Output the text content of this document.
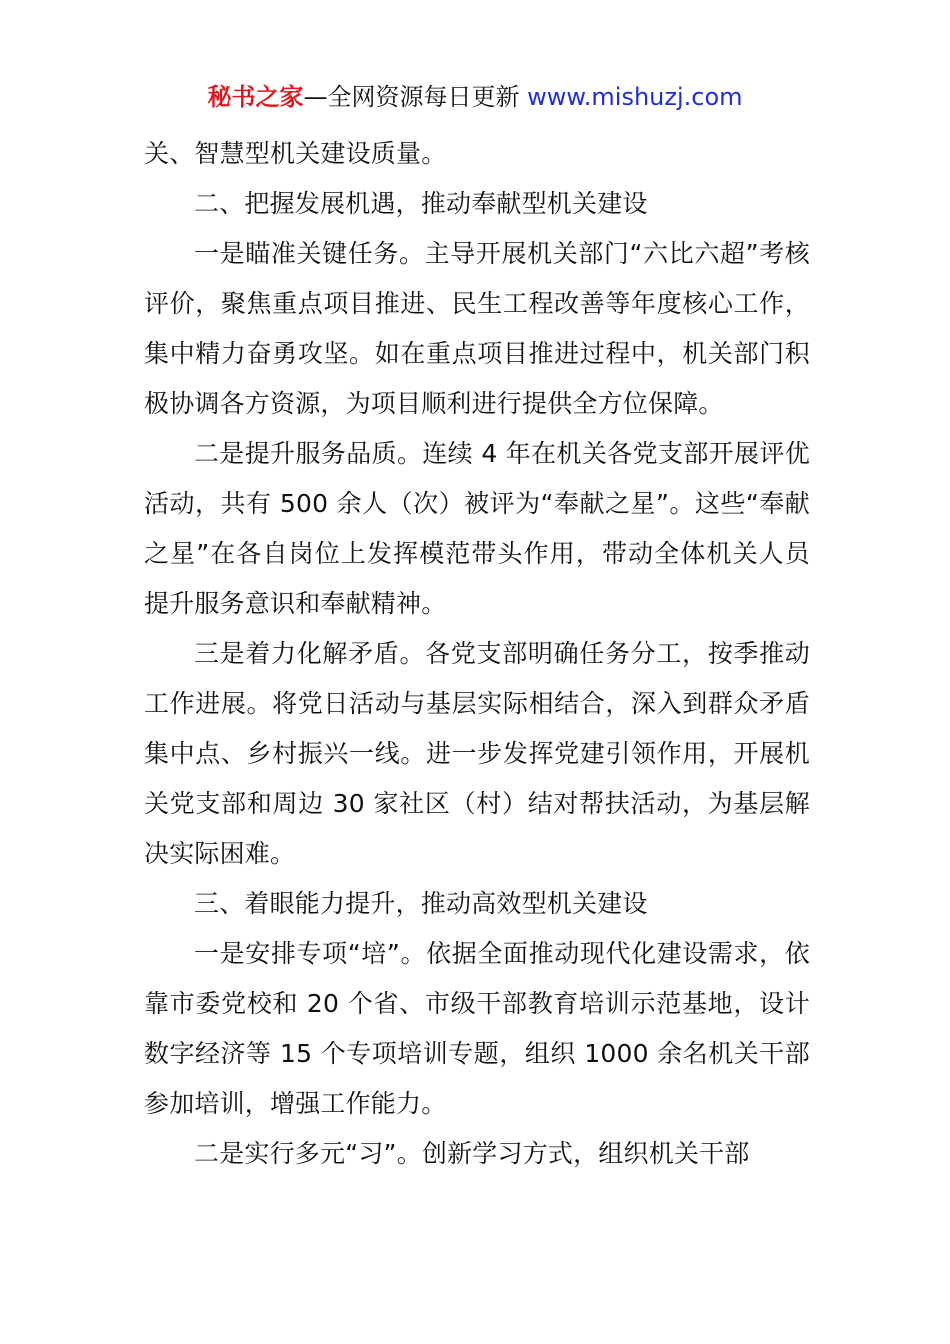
秘书之家—全网资源每日更新 www.mishuzj.com

关、智慧型机关建设质量。

二、把握发展机遇，推动奉献型机关建设

一是瞄准关键任务。主导开展机关部门“六比六超”考核评价，聚焦重点项目推进、民生工程改善等年度核心工作，集中精力奋勇攻坚。如在重点项目推进过程中，机关部门积极协调各方资源，为项目顺利进行提供全方位保障。

二是提升服务品质。连续 4 年在机关各党支部开展评优活动，共有 500 余人（次）被评为“奉献之星”。这些“奉献之星”在各自岗位上发挥模范带头作用，带动全体机关人员提升服务意识和奉献精神。

三是着力化解矛盾。各党支部明确任务分工，按季推动工作进展。将党日活动与基层实际相结合，深入到群众矛盾集中点、乡村振兴一线。进一步发挥党建引领作用，开展机关党支部和周边 30 家社区（村）结对帮扶活动，为基层解决实际困难。

三、着眼能力提升，推动高效型机关建设

一是安排专项“培”。依据全面推动现代化建设需求，依靠市委党校和 20 个省、市级干部教育培训示范基地，设计数字经济等 15 个专项培训专题，组织 1000 余名机关干部参加培训，增强工作能力。

二是实行多元“习”。创新学习方式，组织机关干部
